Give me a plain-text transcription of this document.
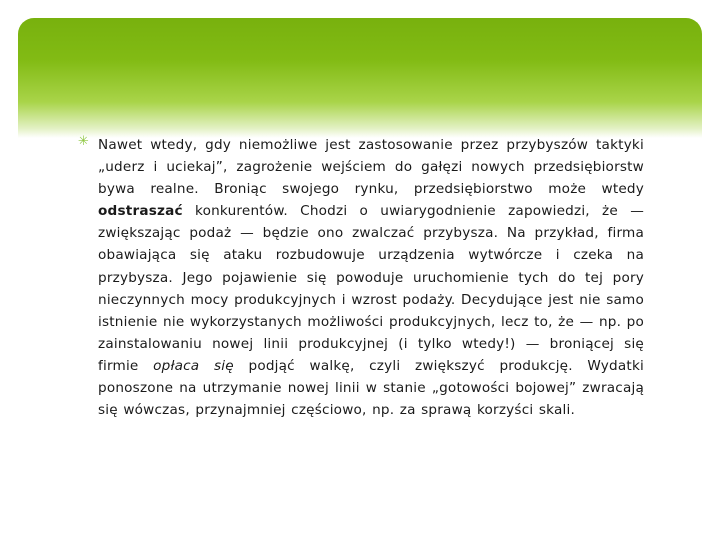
✳ Nawet wtedy, gdy niemożliwe jest zastosowanie przez przybyszów taktyki „uderz i uciekaj”, zagrożenie wejściem do gałęzi nowych przedsiębiorstw bywa realne. Broniąc swojego rynku, przedsiębiorstwo może wtedy odstraszać konkurentów. Chodzi o uwiarygodnienie zapowiedzi, że — zwiększając podaż — będzie ono zwalczać przybysza. Na przykład, firma obawiająca się ataku rozbudowuje urządzenia wytwórcze i czeka na przybysza. Jego pojawienie się powoduje uruchomienie tych do tej pory nieczynnych mocy produkcyjnych i wzrost podaży. Decydujące jest nie samo istnienie nie wykorzystanych możliwości produkcyjnych, lecz to, że — np. po zainstalowaniu nowej linii produkcyjnej (i tylko wtedy!) — broniącej się firmie opłaca się podjąć walkę, czyli zwiększyć produkcję. Wydatki ponoszone na utrzymanie nowej linii w stanie „gotowości bojowej” zwracają się wówczas, przynajmniej częściowo, np. za sprawą korzyści skali.
